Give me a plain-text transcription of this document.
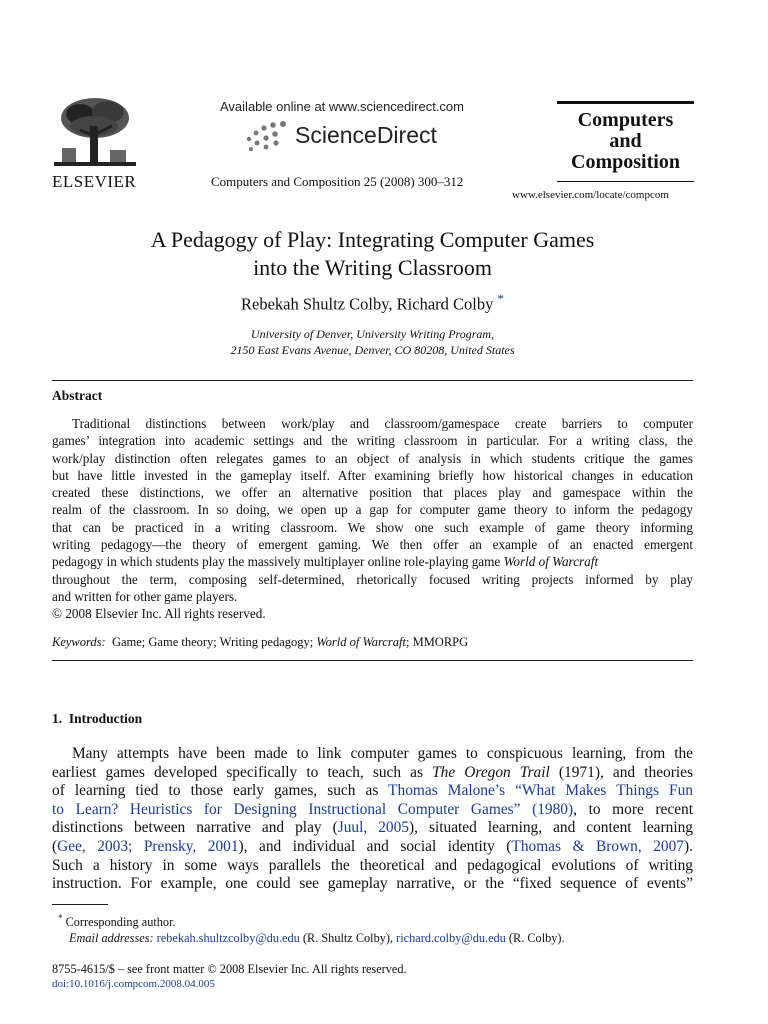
ELSEVIER
Available online at www.sciencedirect.com
ScienceDirect
Computers and Composition 25 (2008) 300–312
Computers
and
Composition
www.elsevier.com/locate/compcom
A Pedagogy of Play: Integrating Computer Games
into the Writing Classroom
Rebekah Shultz Colby, Richard Colby *
University of Denver, University Writing Program,
2150 East Evans Avenue, Denver, CO 80208, United States
Abstract
Traditional distinctions between work/play and classroom/gamespace create barriers to computer
games’ integration into academic settings and the writing classroom in particular. For a writing class, the
work/play distinction often relegates games to an object of analysis in which students critique the games
but have little invested in the gameplay itself. After examining briefly how historical changes in education
created these distinctions, we offer an alternative position that places play and gamespace within the
realm of the classroom. In so doing, we open up a gap for computer game theory to inform the pedagogy
that can be practiced in a writing classroom. We show one such example of game theory informing
writing pedagogy—the theory of emergent gaming. We then offer an example of an enacted emergent
pedagogy in which students play the massively multiplayer online role-playing game World of Warcraft
throughout the term, composing self-determined, rhetorically focused writing projects informed by play
and written for other game players.
© 2008 Elsevier Inc. All rights reserved.
Keywords: Game; Game theory; Writing pedagogy; World of Warcraft; MMORPG
1.  Introduction
Many attempts have been made to link computer games to conspicuous learning, from the
earliest games developed specifically to teach, such as The Oregon Trail (1971), and theories
of learning tied to those early games, such as Thomas Malone’s “What Makes Things Fun
to Learn? Heuristics for Designing Instructional Computer Games” (1980), to more recent
distinctions between narrative and play (Juul, 2005), situated learning, and content learning
(Gee, 2003; Prensky, 2001), and individual and social identity (Thomas & Brown, 2007).
Such a history in some ways parallels the theoretical and pedagogical evolutions of writing
instruction. For example, one could see gameplay narrative, or the “fixed sequence of events”
* Corresponding author.
Email addresses: rebekah.shultzcolby@du.edu (R. Shultz Colby), richard.colby@du.edu (R. Colby).
8755-4615/$ – see front matter © 2008 Elsevier Inc. All rights reserved.
doi:10.1016/j.compcom.2008.04.005
